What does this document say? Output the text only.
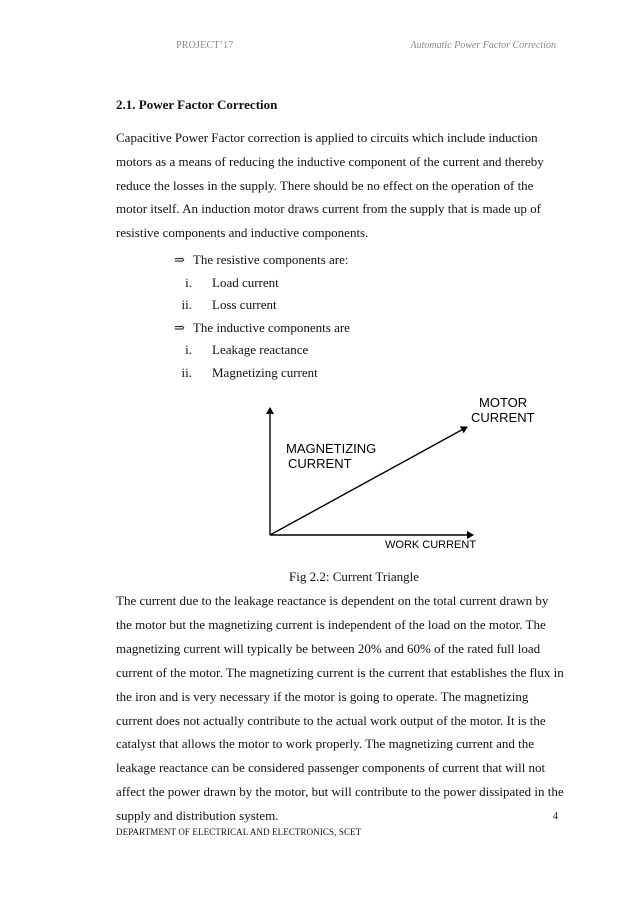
PROJECT’17	Automatic Power Factor Correction
2.1. Power Factor Correction

Capacitive Power Factor correction is applied to circuits which include induction
motors as a means of reducing the inductive component of the current and thereby
reduce the losses in the supply. There should be no effect on the operation of the
motor itself. An induction motor draws current from the supply that is made up of
resistive components and inductive components.

⇒ The resistive components are:
i. Load current
ii. Loss current
⇒ The inductive components are
i. Leakage reactance
ii. Magnetizing current
MOTOR
CURRENT
MAGNETIZING
CURRENT
WORK CURRENT
Fig 2.2: Current Triangle

The current due to the leakage reactance is dependent on the total current drawn by
the motor but the magnetizing current is independent of the load on the motor. The
magnetizing current will typically be between 20% and 60% of the rated full load
current of the motor. The magnetizing current is the current that establishes the flux in
the iron and is very necessary if the motor is going to operate. The magnetizing
current does not actually contribute to the actual work output of the motor. It is the
catalyst that allows the motor to work properly. The magnetizing current and the
leakage reactance can be considered passenger components of current that will not
affect the power drawn by the motor, but will contribute to the power dissipated in the
supply and distribution system.	4
DEPARTMENT OF ELECTRICAL AND ELECTRONICS, SCET
